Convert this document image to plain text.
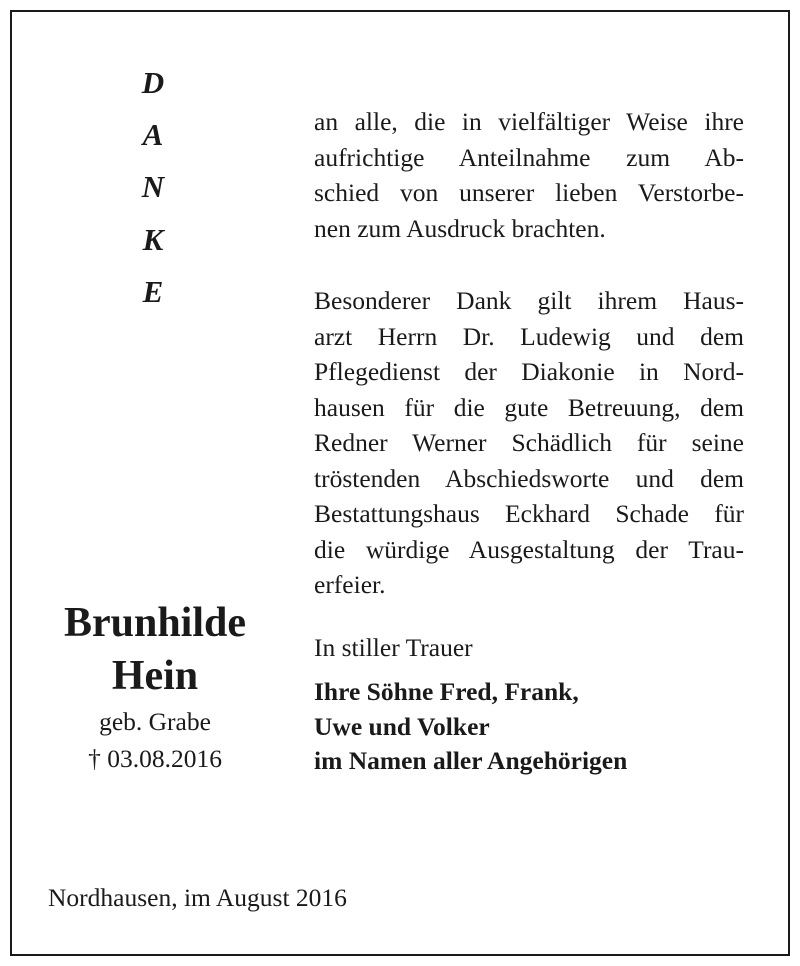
D
A
N
K
E
an alle, die in vielfältiger Weise ihre
aufrichtige Anteilnahme zum Ab-
schied von unserer lieben Verstorbe-
nen zum Ausdruck brachten.
Besonderer Dank gilt ihrem Haus-
arzt Herrn Dr. Ludewig und dem
Pflegedienst der Diakonie in Nord-
hausen für die gute Betreuung, dem
Redner Werner Schädlich für seine
tröstenden Abschiedsworte und dem
Bestattungshaus Eckhard Schade für
die würdige Ausgestaltung der Trau-
erfeier.
Brunhilde
Hein
geb. Grabe
† 03.08.2016
In stiller Trauer
Ihre Söhne Fred, Frank,
Uwe und Volker
im Namen aller Angehörigen
Nordhausen, im August 2016
